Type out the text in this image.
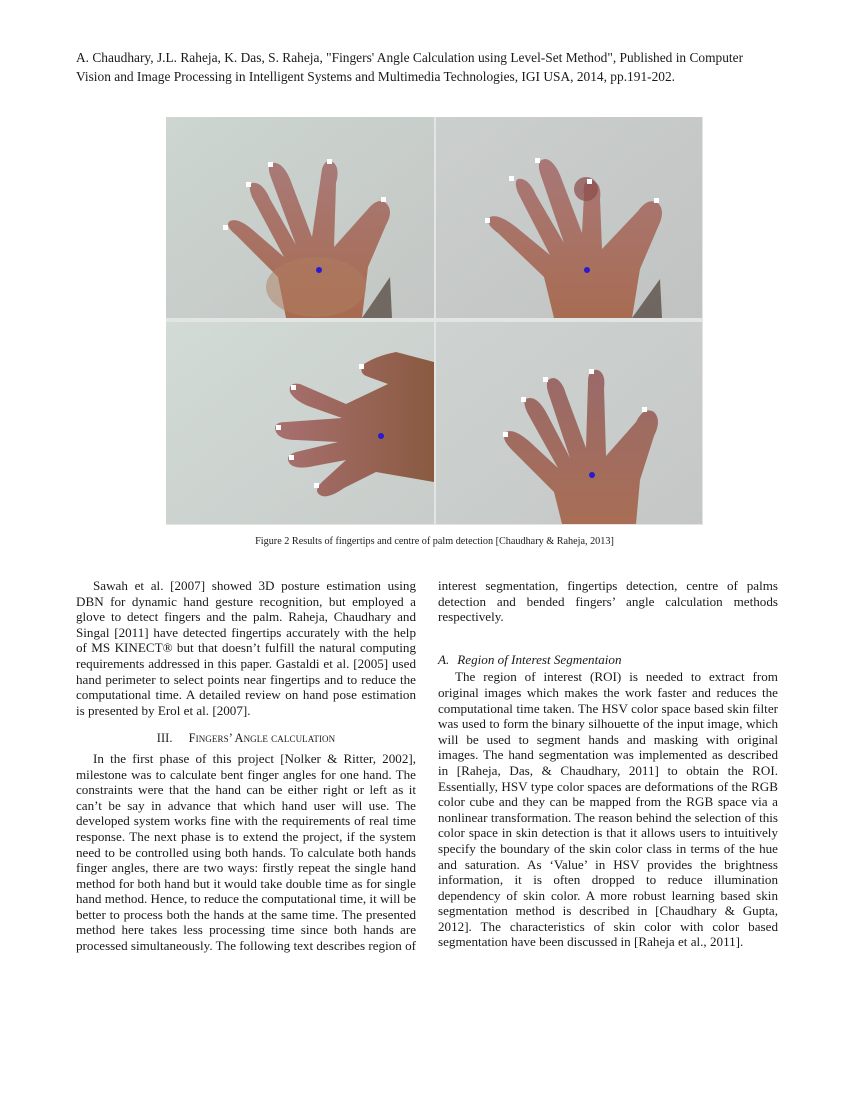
A. Chaudhary, J.L. Raheja, K. Das, S. Raheja, "Fingers' Angle Calculation using Level-Set Method", Published in Computer Vision and Image Processing in Intelligent Systems and Multimedia Technologies, IGI USA, 2014, pp.191-202.
Figure 2 Results of fingertips and centre of palm detection [Chaudhary & Raheja, 2013]

Sawah et al. [2007] showed 3D posture estimation using DBN for dynamic hand gesture recognition, but employed a glove to detect fingers and the palm. Raheja, Chaudhary and Singal [2011] have detected fingertips accurately with the help of MS KINECT® but that doesn’t fulfill the natural computing requirements addressed in this paper. Gastaldi et al. [2005] used hand perimeter to select points near fingertips and to reduce the computational time. A detailed review on hand pose estimation is presented by Erol et al. [2007].

III. Fingers’ Angle calculation

In the first phase of this project [Nolker & Ritter, 2002], milestone was to calculate bent finger angles for one hand. The constraints were that the hand can be either right or left as it can’t be say in advance that which hand user will use. The developed system works fine with the requirements of real time response. The next phase is to extend the project, if the system need to be controlled using both hands. To calculate both hands finger angles, there are two ways: firstly repeat the single hand method for both hand but it would take double time as for single hand method. Hence, to reduce the computational time, it will be better to process both the hands at the same time. The presented method here takes less processing time since both hands are processed simultaneously. The following text describes region of

interest segmentation, fingertips detection, centre of palms detection and bended fingers’ angle calculation methods respectively.

A. Region of Interest Segmentaion

The region of interest (ROI) is needed to extract from original images which makes the work faster and reduces the computational time taken. The HSV color space based skin filter was used to form the binary silhouette of the input image, which will be used to segment hands and masking with original images. The hand segmentation was implemented as described in [Raheja, Das, & Chaudhary, 2011] to obtain the ROI. Essentially, HSV type color spaces are deformations of the RGB color cube and they can be mapped from the RGB space via a nonlinear transformation. The reason behind the selection of this color space in skin detection is that it allows users to intuitively specify the boundary of the skin color class in terms of the hue and saturation. As ‘Value’ in HSV provides the brightness information, it is often dropped to reduce illumination dependency of skin color. A more robust learning based skin segmentation method is described in [Chaudhary & Gupta, 2012]. The characteristics of skin color with color based segmentation have been discussed in [Raheja et al., 2011].
